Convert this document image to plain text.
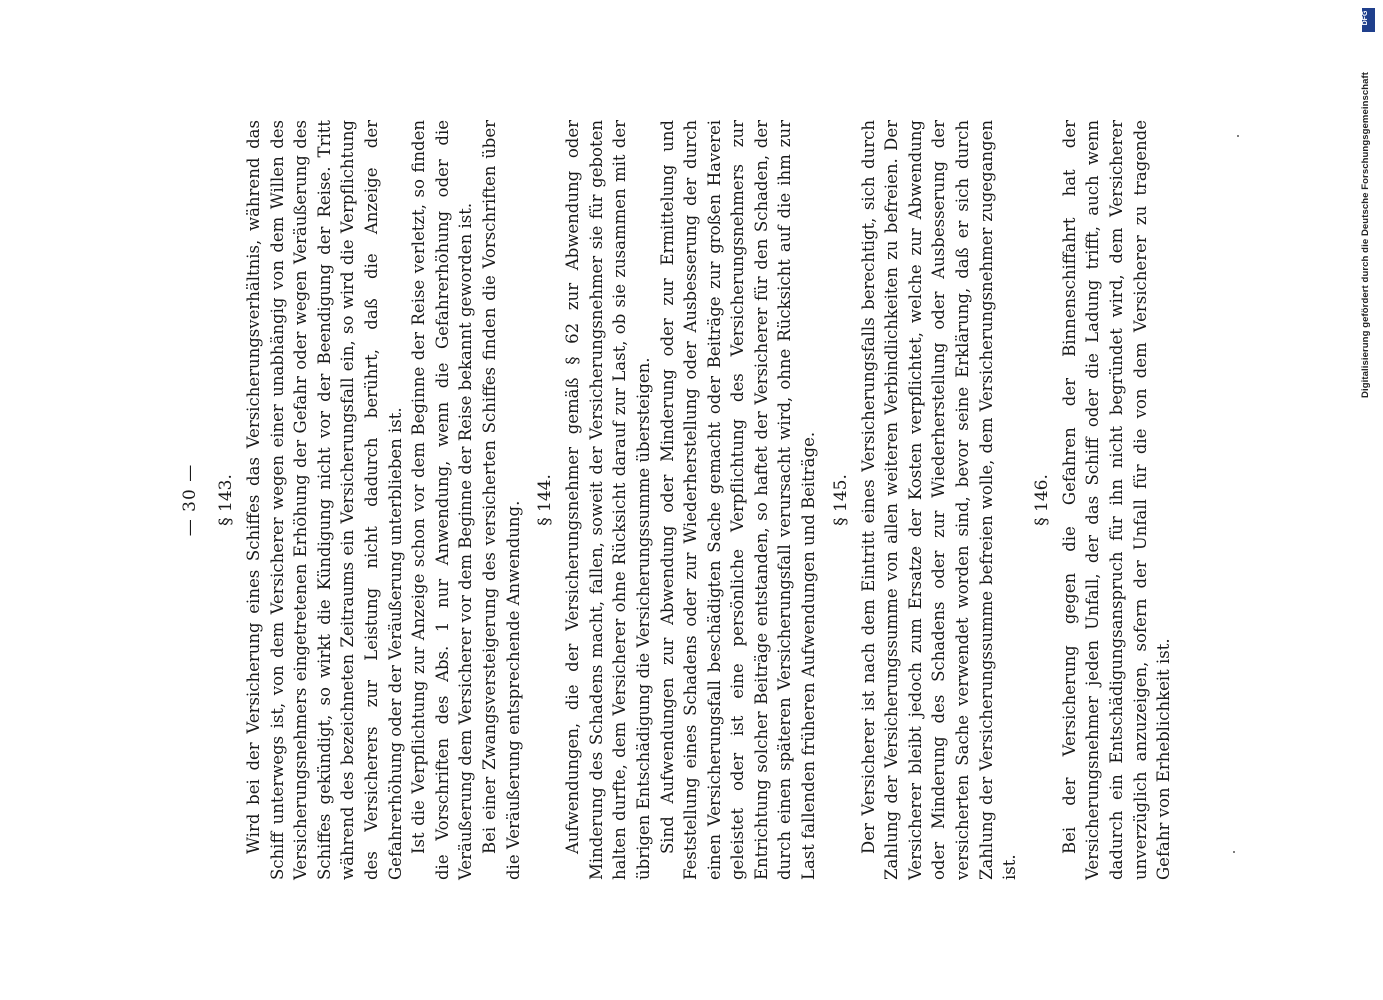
— 30 — § 143. Wird bei der Versicherung eines Schiffes das Versicherungsverhältnis, während das Schiff unterwegs ist, von dem Versicherer wegen einer unabhängig von dem Willen des Versicherungsnehmers eingetretenen Erhöhung der Gefahr oder wegen Veräußerung des Schiffes gekündigt, so wirkt die Kündigung nicht vor der Beendigung der Reise. Tritt während des bezeichneten Zeitraums ein Versicherungsfall ein, so wird die Verpflichtung des Versicherers zur Leistung nicht dadurch berührt, daß die Anzeige der Gefahrerhöhung oder der Veräußerung unterblieben ist. Ist die Verpflichtung zur Anzeige schon vor dem Beginne der Reise verletzt, so finden die Vorschriften des Abs. 1 nur Anwendung, wenn die Gefahrerhöhung oder die Veräußerung dem Versicherer vor dem Beginne der Reise bekannt geworden ist. Bei einer Zwangsversteigerung des versicherten Schiffes finden die Vorschriften über die Veräußerung entsprechende Anwendung.

§ 144. Aufwendungen, die der Versicherungsnehmer gemäß § 62 zur Abwendung oder Minderung des Schadens macht, fallen, soweit der Versicherungsnehmer sie für geboten halten durfte, dem Versicherer ohne Rücksicht darauf zur Last, ob sie zusammen mit der übrigen Entschädigung die Versicherungssumme übersteigen. Sind Aufwendungen zur Abwendung oder Minderung oder zur Ermittelung und Feststellung eines Schadens oder zur Wiederherstellung oder Ausbesserung der durch einen Versicherungsfall beschädigten Sache gemacht oder Beiträge zur großen Haverei geleistet oder ist eine persönliche Verpflichtung des Versicherungsnehmers zur Entrichtung solcher Beiträge entstanden, so haftet der Versicherer für den Schaden, der durch einen späteren Versicherungsfall verursacht wird, ohne Rücksicht auf die ihm zur Last fallenden früheren Aufwendungen und Beiträge. § 145. Der Versicherer ist nach dem Eintritt eines Versicherungsfalls berechtigt, sich durch Zahlung der Versicherungssumme von allen weiteren Verbindlichkeiten zu befreien. Der Versicherer bleibt jedoch zum Ersatze der Kosten verpflichtet, welche zur Abwendung oder Minderung des Schadens oder zur Wiederherstellung oder Ausbesserung der versicherten Sache verwendet worden sind, bevor seine Erklärung, daß er sich durch Zahlung der Versicherungssumme befreien wolle, dem Versicherungsnehmer zugegangen ist.

§ 146. Bei der Versicherung gegen die Gefahren der Binnenschiffahrt hat der Versicherungsnehmer jeden Unfall, der das Schiff oder die Ladung trifft, auch wenn dadurch ein Entschädigungsanspruch für ihn nicht begründet wird, dem Versicherer unverzüglich anzuzeigen, sofern der Unfall für die von dem Versicherer zu tragende Gefahr von Erheblichkeit ist.

DFG
Digitalisierung gefördert durch die Deutsche Forschungsgemeinschaft
